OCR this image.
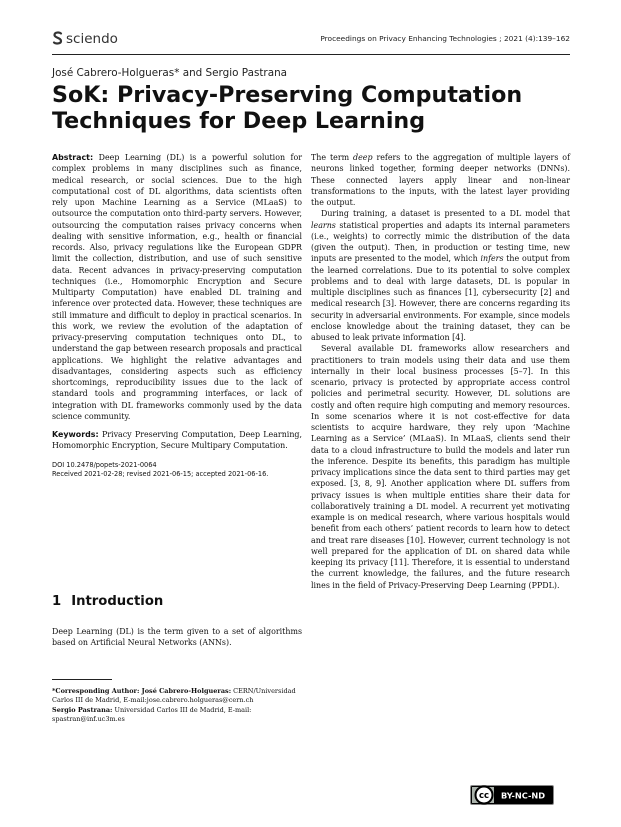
sciendo	Proceedings on Privacy Enhancing Technologies ; 2021 (4):139–162
José Cabrero-Holgueras* and Sergio Pastrana
SoK: Privacy-Preserving Computation Techniques for Deep Learning

Abstract: Deep Learning (DL) is a powerful solution for complex problems in many disciplines such as finance, medical research, or social sciences. Due to the high computational cost of DL algorithms, data scientists often rely upon Machine Learning as a Service (MLaaS) to outsource the computation onto third-party servers. However, outsourcing the computation raises privacy concerns when dealing with sensitive information, e.g., health or financial records. Also, privacy regulations like the European GDPR limit the collection, distribution, and use of such sensitive data. Recent advances in privacy-preserving computation techniques (i.e., Homomorphic Encryption and Secure Multiparty Computation) have enabled DL training and inference over protected data. However, these techniques are still immature and difficult to deploy in practical scenarios. In this work, we review the evolution of the adaptation of privacy-preserving computation techniques onto DL, to understand the gap between research proposals and practical applications. We highlight the relative advantages and disadvantages, considering aspects such as efficiency shortcomings, reproducibility issues due to the lack of standard tools and programming interfaces, or lack of integration with DL frameworks commonly used by the data science community.

Keywords: Privacy Preserving Computation, Deep Learning, Homomorphic Encryption, Secure Multipary Computation.

DOI 10.2478/popets-2021-0064
Received 2021-02-28; revised 2021-06-15; accepted 2021-06-16.

1 Introduction

Deep Learning (DL) is the term given to a set of algorithms based on Artificial Neural Networks (ANNs).

*Corresponding Author: José Cabrero-Holgueras: CERN/Universidad Carlos III de Madrid, E-mail:jose.cabrero.holgueras@cern.ch
Sergio Pastrana: Universidad Carlos III de Madrid, E-mail: spastran@inf.uc3m.es

The term deep refers to the aggregation of multiple layers of neurons linked together, forming deeper networks (DNNs). These connected layers apply linear and non-linear transformations to the inputs, with the latest layer providing the output.

During training, a dataset is presented to a DL model that learns statistical properties and adapts its internal parameters (i.e., weights) to correctly mimic the distribution of the data (given the output). Then, in production or testing time, new inputs are presented to the model, which infers the output from the learned correlations. Due to its potential to solve complex problems and to deal with large datasets, DL is popular in multiple disciplines such as finances [1], cybersecurity [2] and medical research [3]. However, there are concerns regarding its security in adversarial environments. For example, since models enclose knowledge about the training dataset, they can be abused to leak private information [4].

Several available DL frameworks allow researchers and practitioners to train models using their data and use them internally in their local business processes [5–7]. In this scenario, privacy is protected by appropriate access control policies and perimetral security. However, DL solutions are costly and often require high computing and memory resources. In some scenarios where it is not cost-effective for data scientists to acquire hardware, they rely upon ‘Machine Learning as a Service’ (MLaaS). In MLaaS, clients send their data to a cloud infrastructure to build the models and later run the inference. Despite its benefits, this paradigm has multiple privacy implications since the data sent to third parties may get exposed. [3, 8, 9]. Another application where DL suffers from privacy issues is when multiple entities share their data for collaboratively training a DL model. A recurrent yet motivating example is on medical research, where various hospitals would benefit from each others’ patient records to learn how to detect and treat rare diseases [10]. However, current technology is not well prepared for the application of DL on shared data while keeping its privacy [11]. Therefore, it is essential to understand the current knowledge, the failures, and the future research lines in the field of Privacy-Preserving Deep Learning (PPDL).

cc BY-NC-ND
